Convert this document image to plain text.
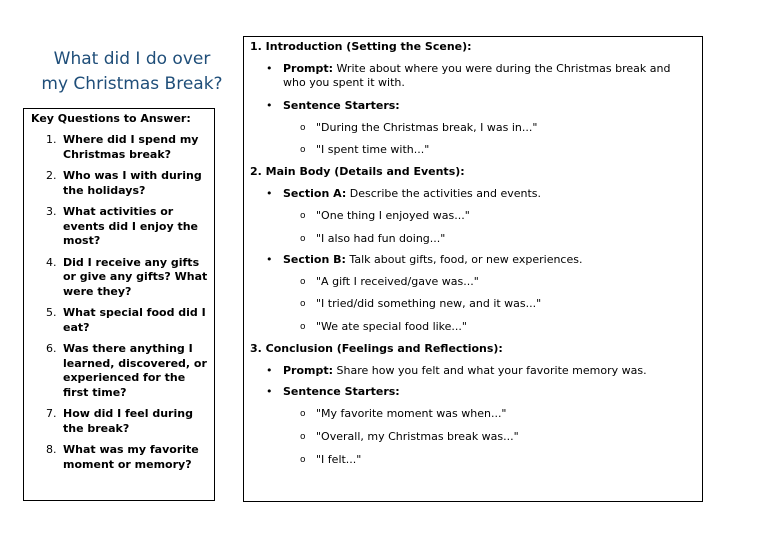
What did I do over
my Christmas Break?
Key Questions to Answer:
1. Where did I spend my Christmas break?
2. Who was I with during the holidays?
3. What activities or events did I enjoy the most?
4. Did I receive any gifts or give any gifts? What were they?
5. What special food did I eat?
6. Was there anything I learned, discovered, or experienced for the first time?
7. How did I feel during the break?
8. What was my favorite moment or memory?
1. Introduction (Setting the Scene):
• Prompt: Write about where you were during the Christmas break and who you spent it with.
• Sentence Starters:
o "During the Christmas break, I was in..."
o "I spent time with..."
2. Main Body (Details and Events):
• Section A: Describe the activities and events.
o "One thing I enjoyed was..."
o "I also had fun doing..."
• Section B: Talk about gifts, food, or new experiences.
o "A gift I received/gave was..."
o "I tried/did something new, and it was..."
o "We ate special food like..."
3. Conclusion (Feelings and Reflections):
• Prompt: Share how you felt and what your favorite memory was.
• Sentence Starters:
o "My favorite moment was when..."
o "Overall, my Christmas break was..."
o "I felt..."
